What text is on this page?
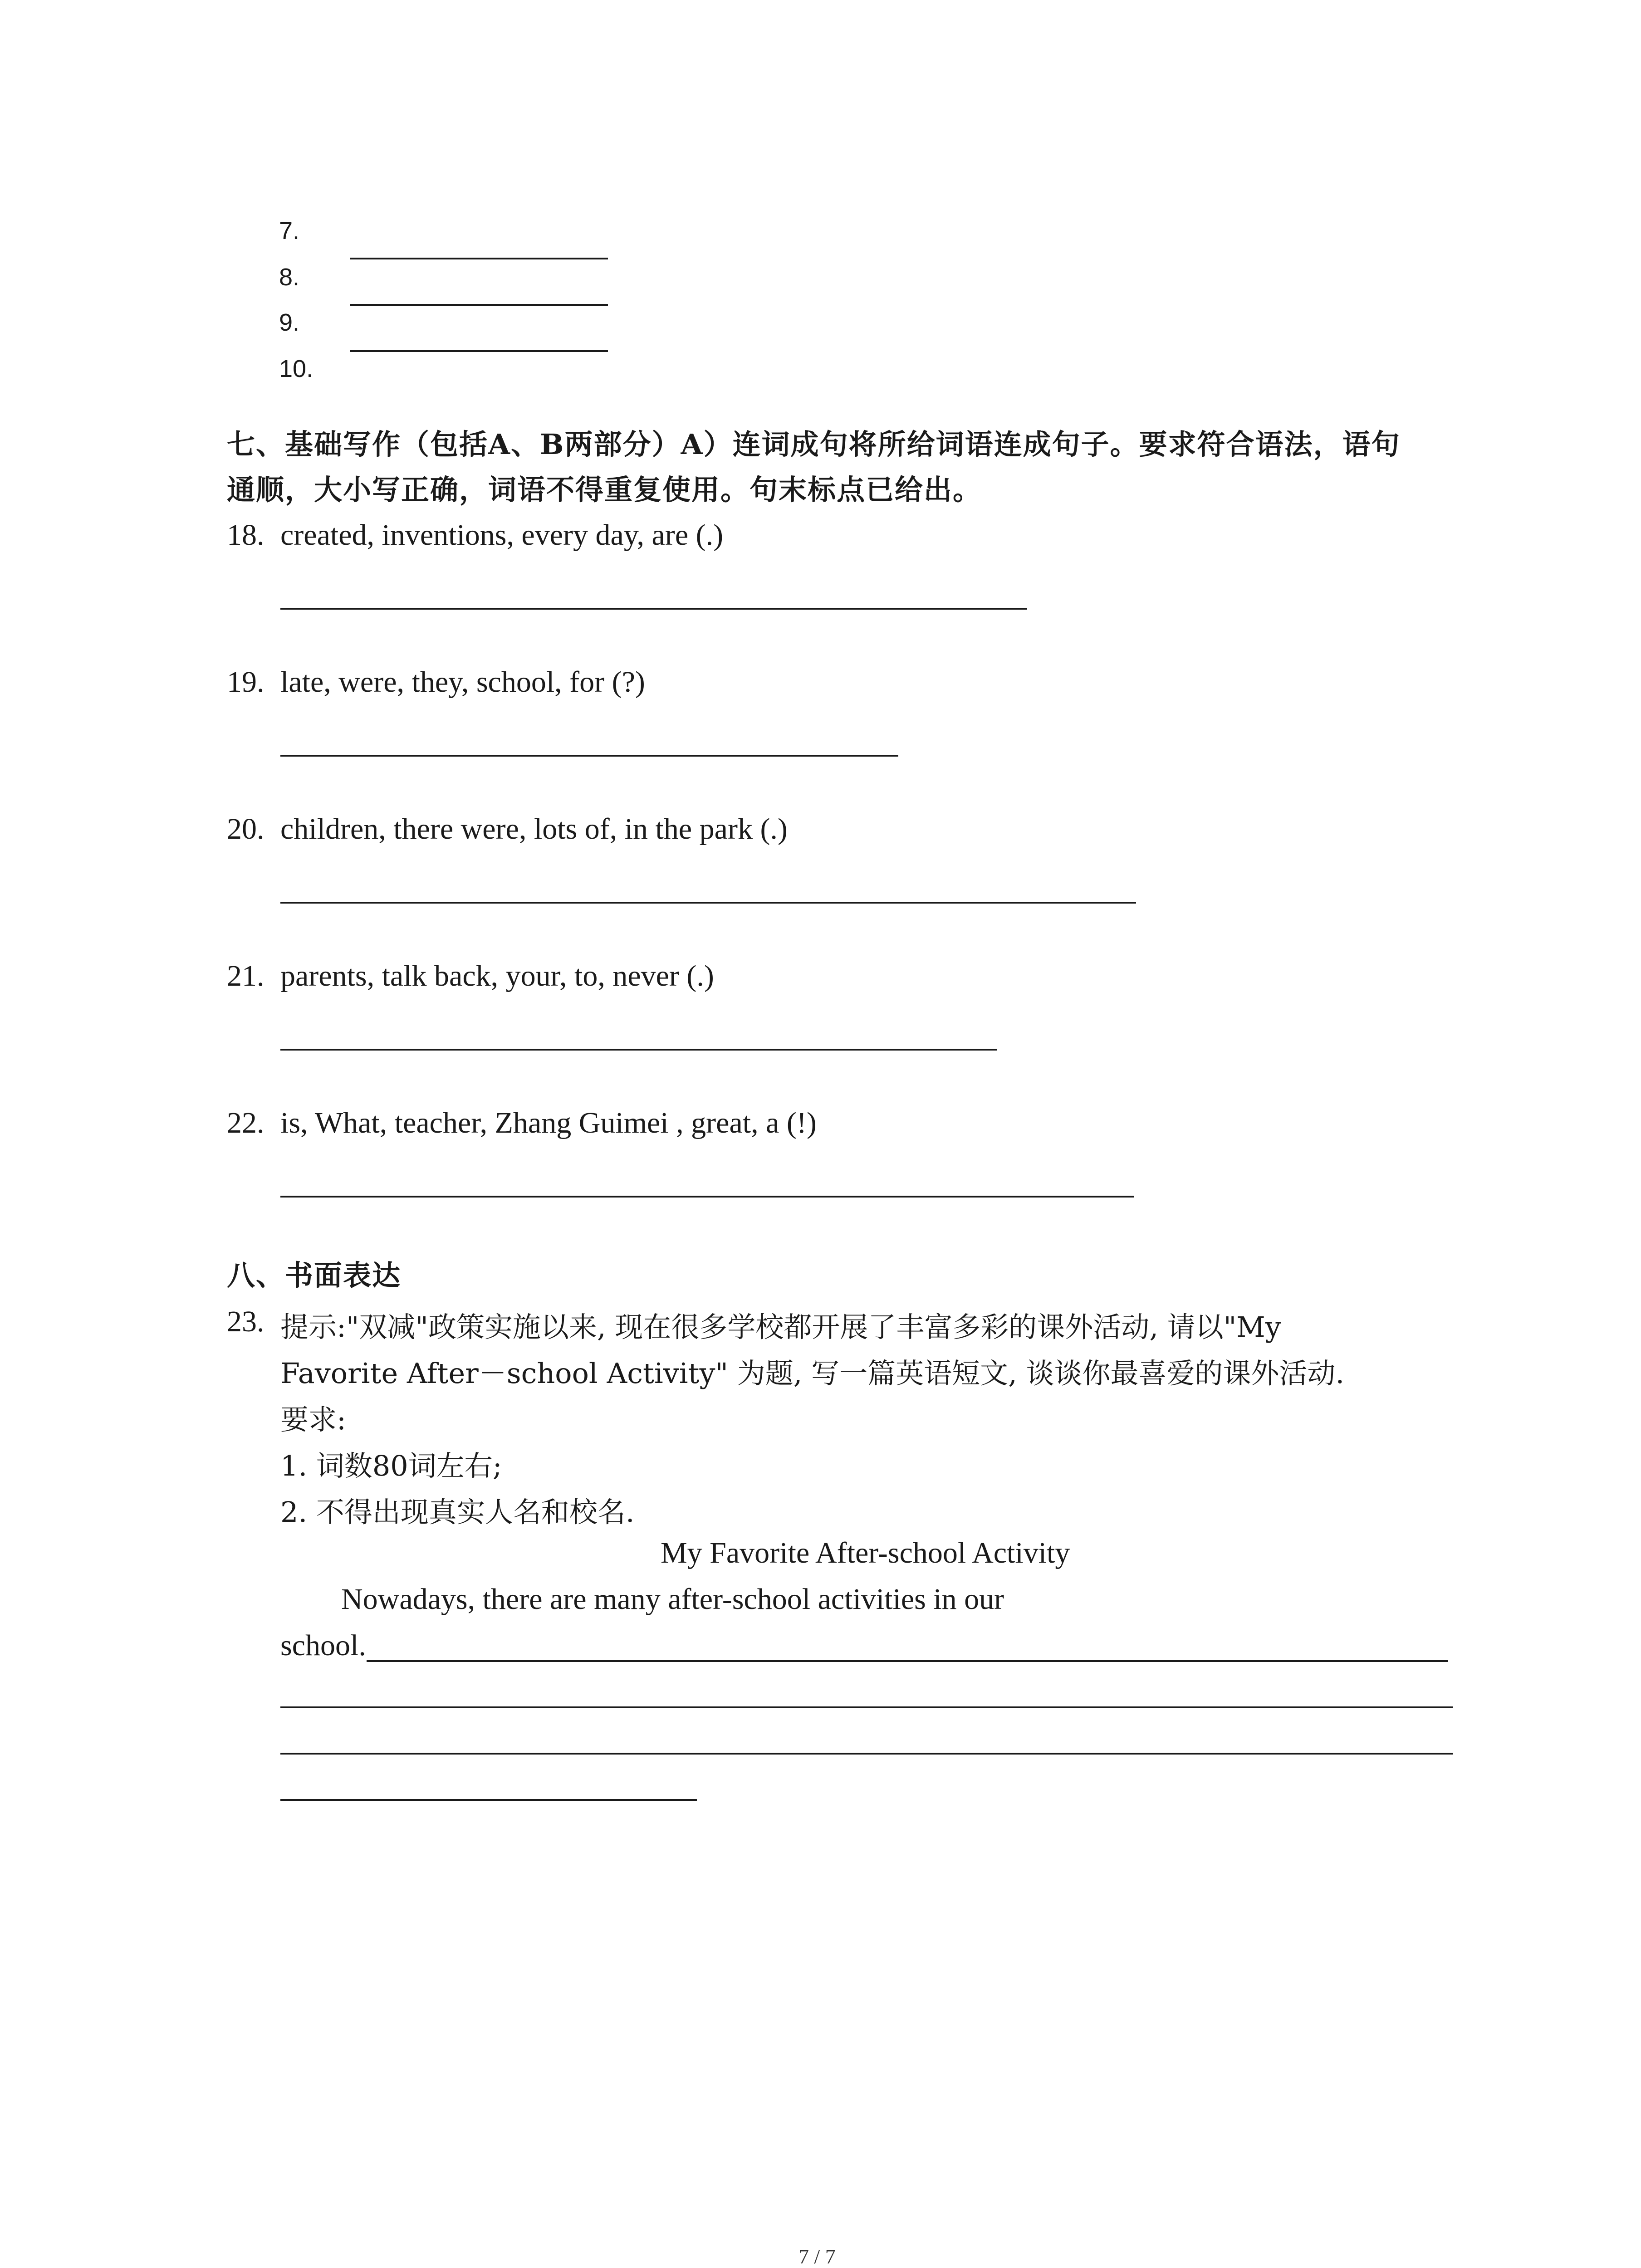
7.
8.
9.
10.
七、基础写作（包括A、B两部分）A）连词成句将所给词语连成句子。要求符合语法，语句
通顺，大小写正确，词语不得重复使用。句末标点已给出。
18. created, inventions, every day, are (.)
19. late, were, they, school, for (?)
20. children, there were, lots of, in the park (.)
21. parents, talk back, your, to, never (.)
22. is, What, teacher, Zhang Guimei , great, a (!)
八、书面表达
23. 提示:"双减"政策实施以来, 现在很多学校都开展了丰富多彩的课外活动, 请以"My
Favorite After－school Activity" 为题, 写一篇英语短文, 谈谈你最喜爱的课外活动.
要求:
1. 词数80词左右;
2. 不得出现真实人名和校名.
My Favorite After-school Activity
Nowadays, there are many after-school activities in our
school.
7 / 7
